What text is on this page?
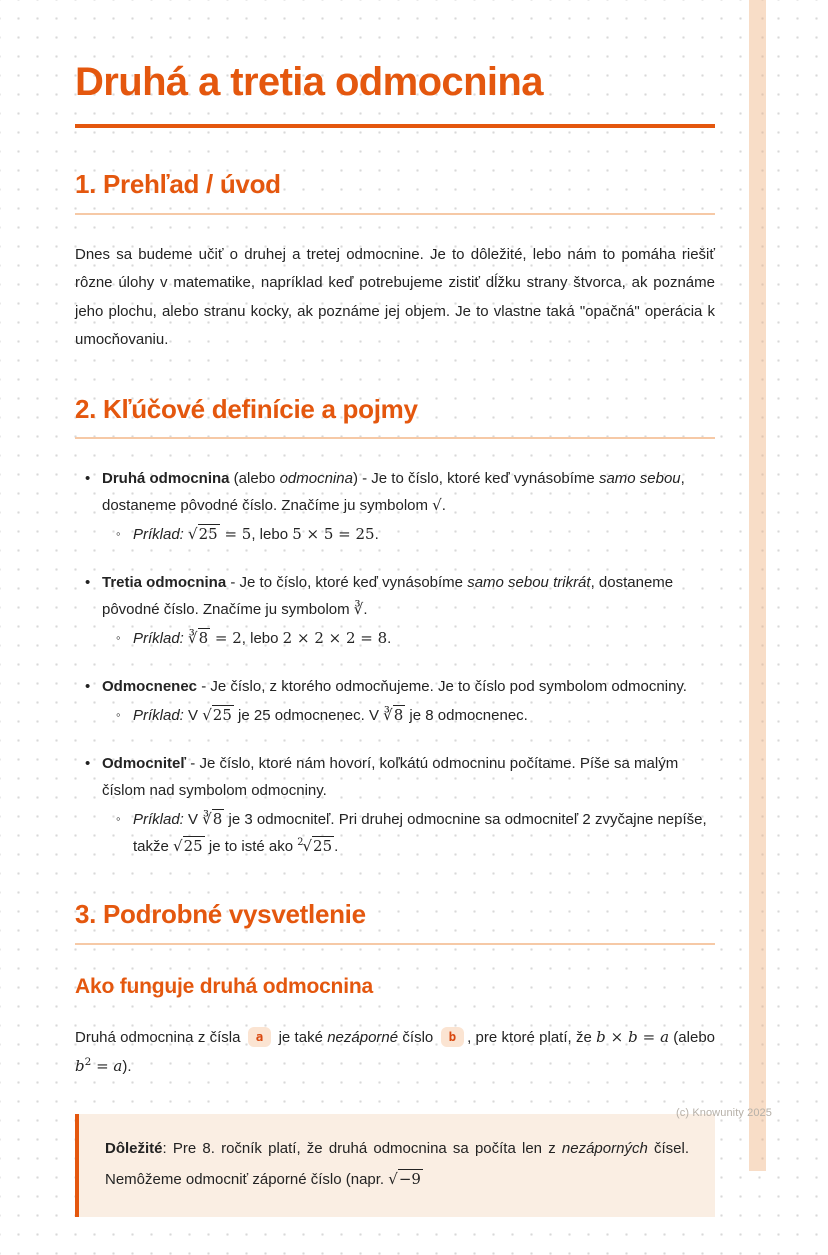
Druhá a tretia odmocnina
1. Prehľad / úvod

Dnes sa budeme učiť o druhej a tretej odmocnine. Je to dôležité, lebo nám to pomáha riešiť rôzne úlohy v matematike, napríklad keď potrebujeme zistiť dĺžku strany štvorca, ak poznáme jeho plochu, alebo stranu kocky, ak poznáme jej objem. Je to vlastne taká "opačná" operácia k umocňovaniu.

2. Kľúčové definície a pojmy
• Druhá odmocnina (alebo odmocnina) - Je to číslo, ktoré keď vynásobíme samo sebou, dostaneme pôvodné číslo. Značíme ju symbolom √.
◦ Príklad: √25 = 5, lebo 5 × 5 = 25.
• Tretia odmocnina - Je to číslo, ktoré keď vynásobíme samo sebou trikrát, dostaneme pôvodné číslo. Značíme ju symbolom ∛.
◦ Príklad: ∛8 = 2, lebo 2 × 2 × 2 = 8.
• Odmocnenec - Je číslo, z ktorého odmocňujeme. Je to číslo pod symbolom odmocniny.
◦ Príklad: V √25 je 25 odmocnenec. V ∛8 je 8 odmocnenec.
• Odmocniteľ - Je číslo, ktoré nám hovorí, koľkátú odmocninu počítame. Píše sa malým číslom nad symbolom odmocniny.
◦ Príklad: V ∛8 je 3 odmocniteľ. Pri druhej odmocnine sa odmocniteľ 2 zvyčajne nepíše, takže √25 je to isté ako $^2$√25 .
3. Podrobné vysvetlenie
Ako funguje druhá odmocnina

Druhá odmocnina z čísla a je také nezáporné číslo b , pre ktoré platí, že b × b = a (alebo $b^2 = a$).

Dôležité: Pre 8. ročník platí, že druhá odmocnina sa počíta len z nezáporných čísel. Nemôžeme odmocniť záporné číslo (napr. √−9

(c) Knowunity 2025
